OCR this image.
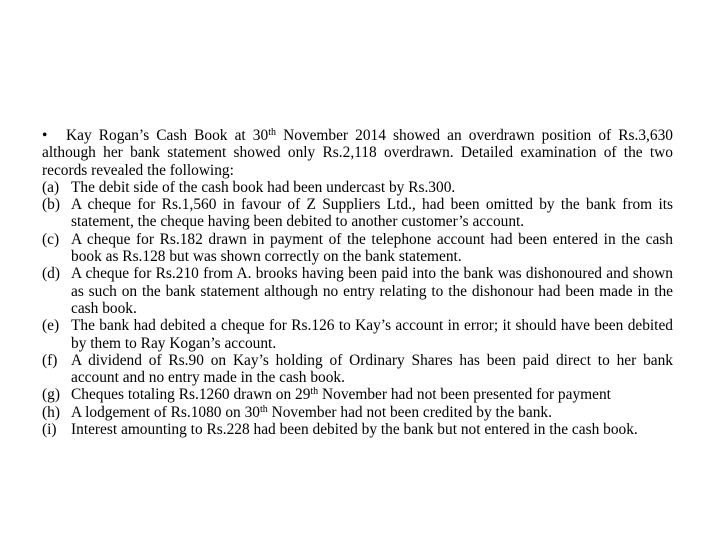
• Kay Rogan’s Cash Book at 30th November 2014 showed an overdrawn position of Rs.3,630 although her bank statement showed only Rs.2,118 overdrawn. Detailed examination of the two records revealed the following:

(a) The debit side of the cash book had been undercast by Rs.300.
(b) A cheque for Rs.1,560 in favour of Z Suppliers Ltd., had been omitted by the bank from its statement, the cheque having been debited to another customer’s account.
(c) A cheque for Rs.182 drawn in payment of the telephone account had been entered in the cash book as Rs.128 but was shown correctly on the bank statement.
(d) A cheque for Rs.210 from A. brooks having been paid into the bank was dishonoured and shown as such on the bank statement although no entry relating to the dishonour had been made in the cash book.
(e) The bank had debited a cheque for Rs.126 to Kay’s account in error; it should have been debited by them to Ray Kogan’s account.
(f) A dividend of Rs.90 on Kay’s holding of Ordinary Shares has been paid direct to her bank account and no entry made in the cash book.
(g) Cheques totaling Rs.1260 drawn on 29th November had not been presented for payment
(h) A lodgement of Rs.1080 on 30th November had not been credited by the bank.
(i) Interest amounting to Rs.228 had been debited by the bank but not entered in the cash book.
